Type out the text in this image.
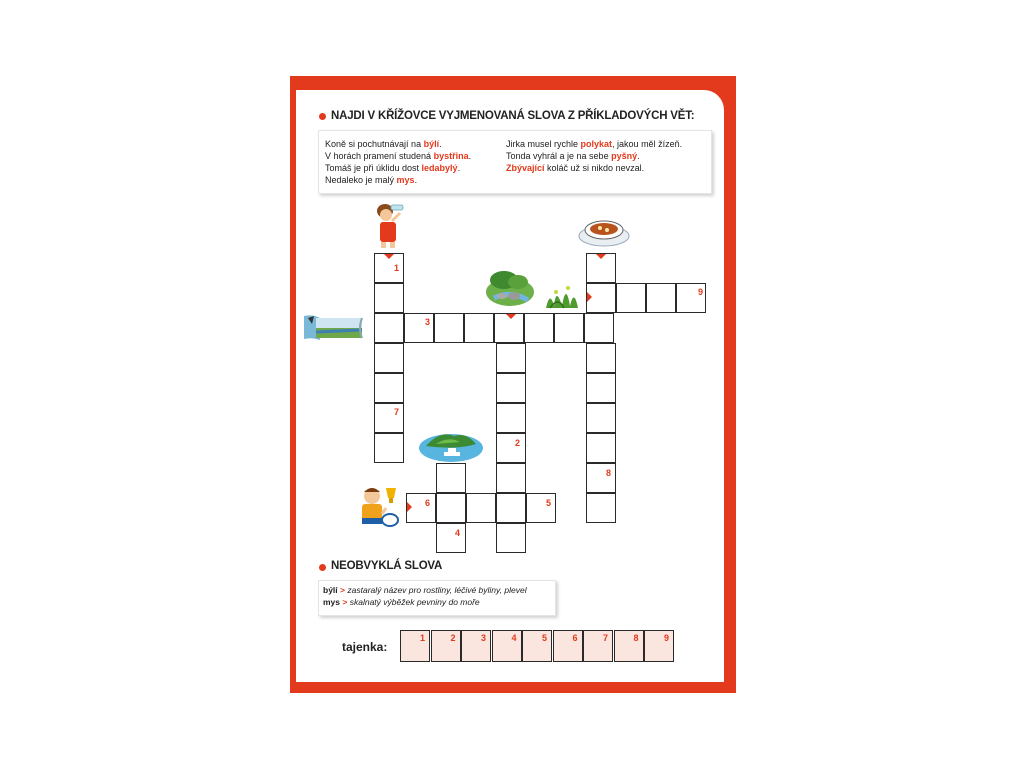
NAJDI V KŘÍŽOVCE VYJMENOVANÁ SLOVA Z PŘÍKLADOVÝCH VĚT:
Koně si pochutnávají na býlí.
V horách pramení studená bystřina.
Tomáš je při úklidu dost ledabylý.
Nedaleko je malý mys.
Jirka musel rychle polykat, jakou měl žízeň.
Tonda vyhrál a je na sebe pyšný.
Zbývající koláč už si nikdo nevzal.
1
2
3
4
5
6
7
8
9
NEOBVYKLÁ SLOVA
býlí > zastaralý název pro rostliny, léčivé byliny, plevel
mys > skalnatý výběžek pevniny do moře
tajenka:
1	2	3	4	5	6	7	8	9
